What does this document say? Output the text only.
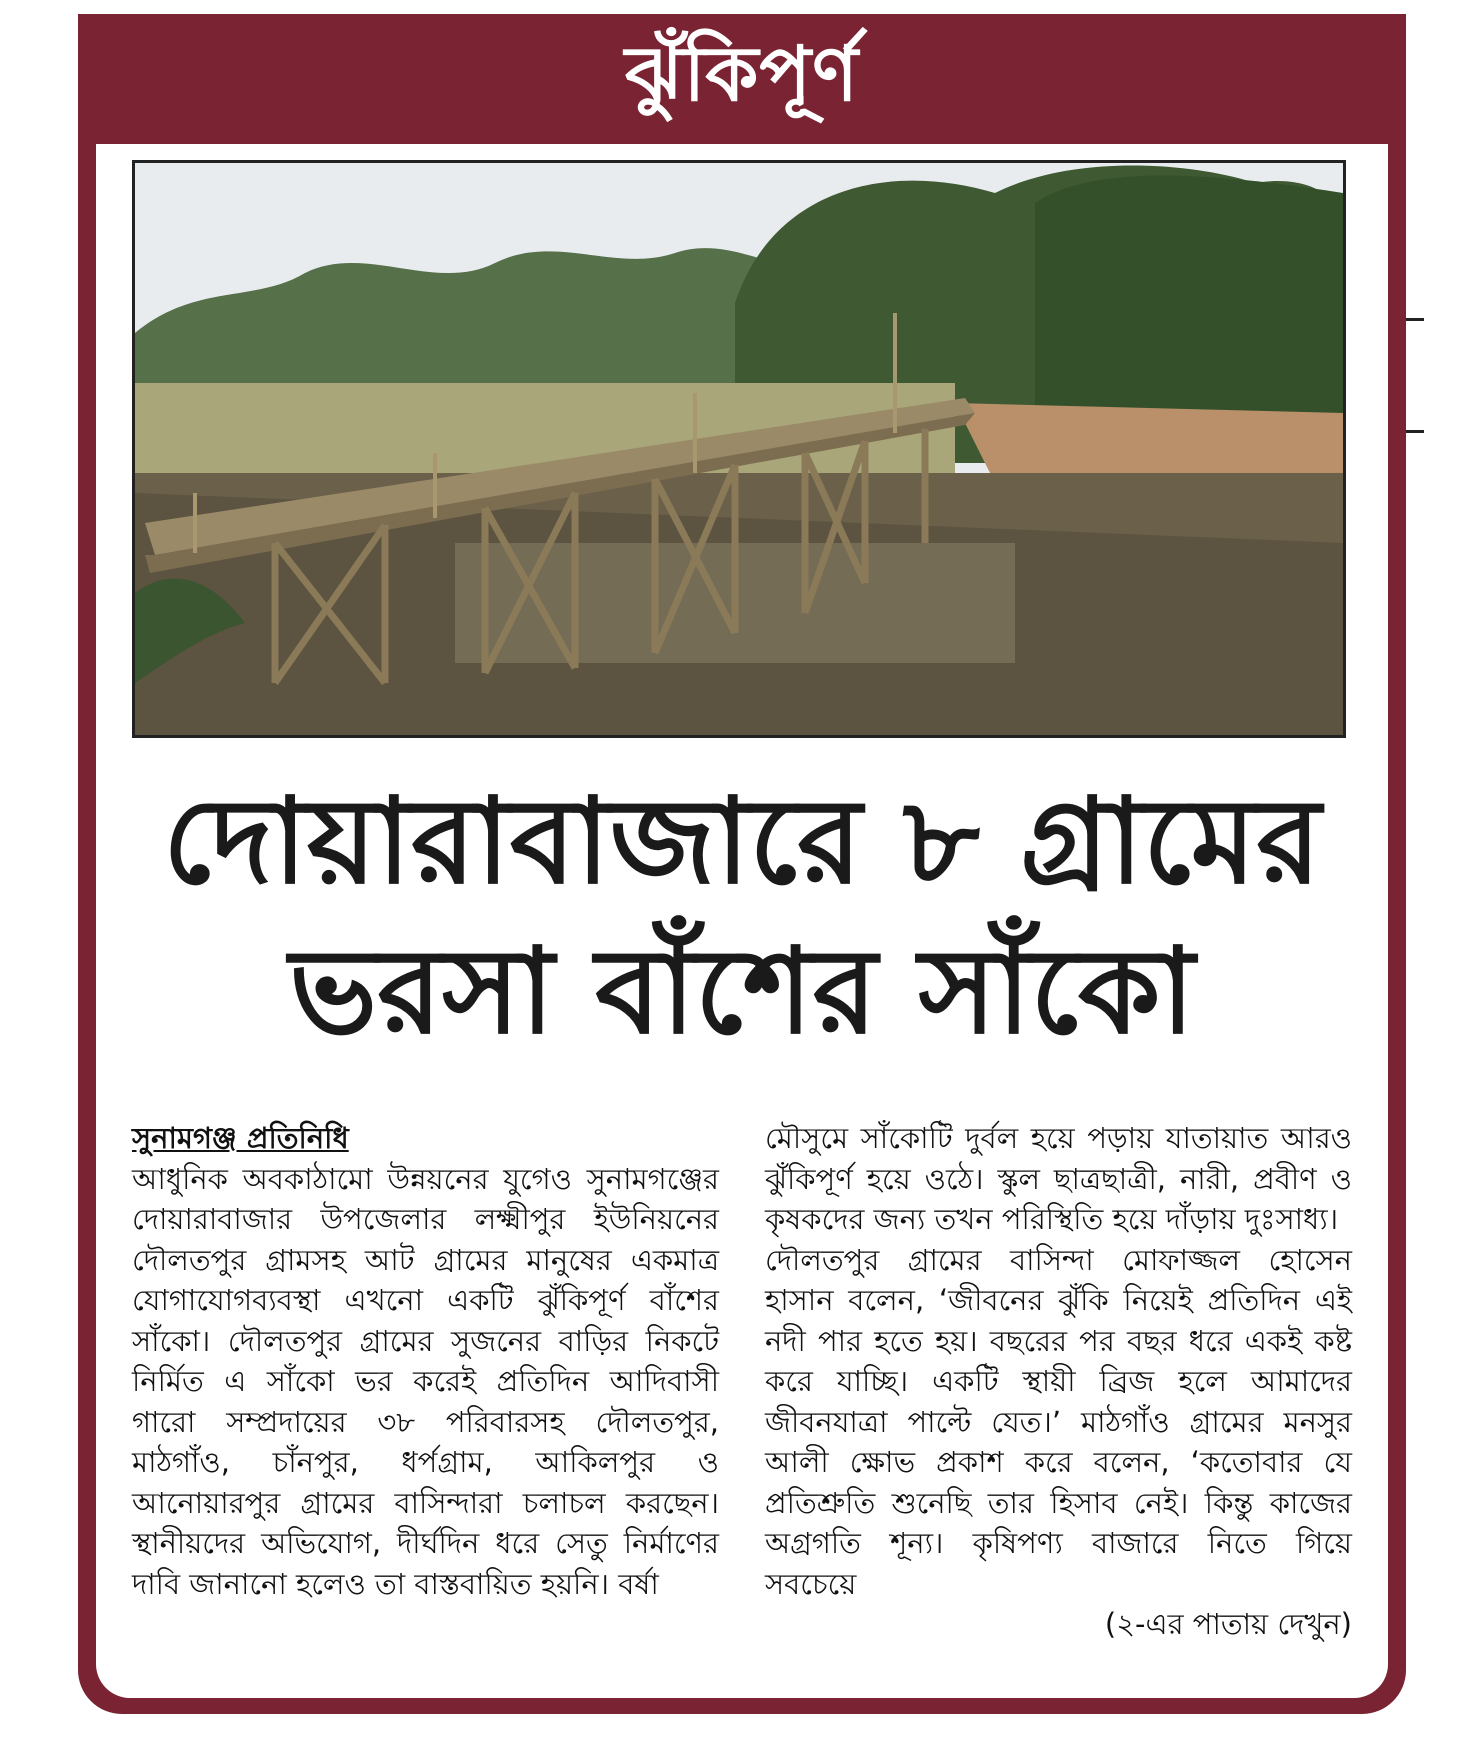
ঝুঁকিপূর্ণ
দোয়ারাবাজারে ৮ গ্রামের
ভরসা বাঁশের সাঁকো
সুনামগঞ্জ প্রতিনিধি

আধুনিক অবকাঠামো উন্নয়নের যুগেও সুনামগঞ্জের দোয়ারাবাজার উপজেলার লক্ষ্মীপুর ইউনিয়নের দৌলতপুর গ্রামসহ আট গ্রামের মানুষের একমাত্র যোগাযোগব্যবস্থা এখনো একটি ঝুঁকিপূর্ণ বাঁশের সাঁকো। দৌলতপুর গ্রামের সুজনের বাড়ির নিকটে নির্মিত এ সাঁকো ভর করেই প্রতিদিন আদিবাসী গারো সম্প্রদায়ের ৩৮ পরিবারসহ দৌলতপুর, মাঠগাঁও, চাঁনপুর, ধর্পগ্রাম, আকিলপুর ও আনোয়ারপুর গ্রামের বাসিন্দারা চলাচল করছেন। স্থানীয়দের অভিযোগ, দীর্ঘদিন ধরে সেতু নির্মাণের দাবি জানানো হলেও তা বাস্তবায়িত হয়নি। বর্ষা

মৌসুমে সাঁকোটি দুর্বল হয়ে পড়ায় যাতায়াত আরও ঝুঁকিপূর্ণ হয়ে ওঠে। স্কুল ছাত্রছাত্রী, নারী, প্রবীণ ও কৃষকদের জন্য তখন পরিস্থিতি হয়ে দাঁড়ায় দুঃসাধ্য।

দৌলতপুর গ্রামের বাসিন্দা মোফাজ্জল হোসেন হাসান বলেন, ‘জীবনের ঝুঁকি নিয়েই প্রতিদিন এই নদী পার হতে হয়। বছরের পর বছর ধরে একই কষ্ট করে যাচ্ছি। একটি স্থায়ী ব্রিজ হলে আমাদের জীবনযাত্রা পাল্টে যেত।’ মাঠগাঁও গ্রামের মনসুর আলী ক্ষোভ প্রকাশ করে বলেন, ‘কতোবার যে প্রতিশ্রুতি শুনেছি তার হিসাব নেই। কিন্তু কাজের অগ্রগতি শূন্য। কৃষিপণ্য বাজারে নিতে গিয়ে সবচেয়ে

(২-এর পাতায় দেখুন)
